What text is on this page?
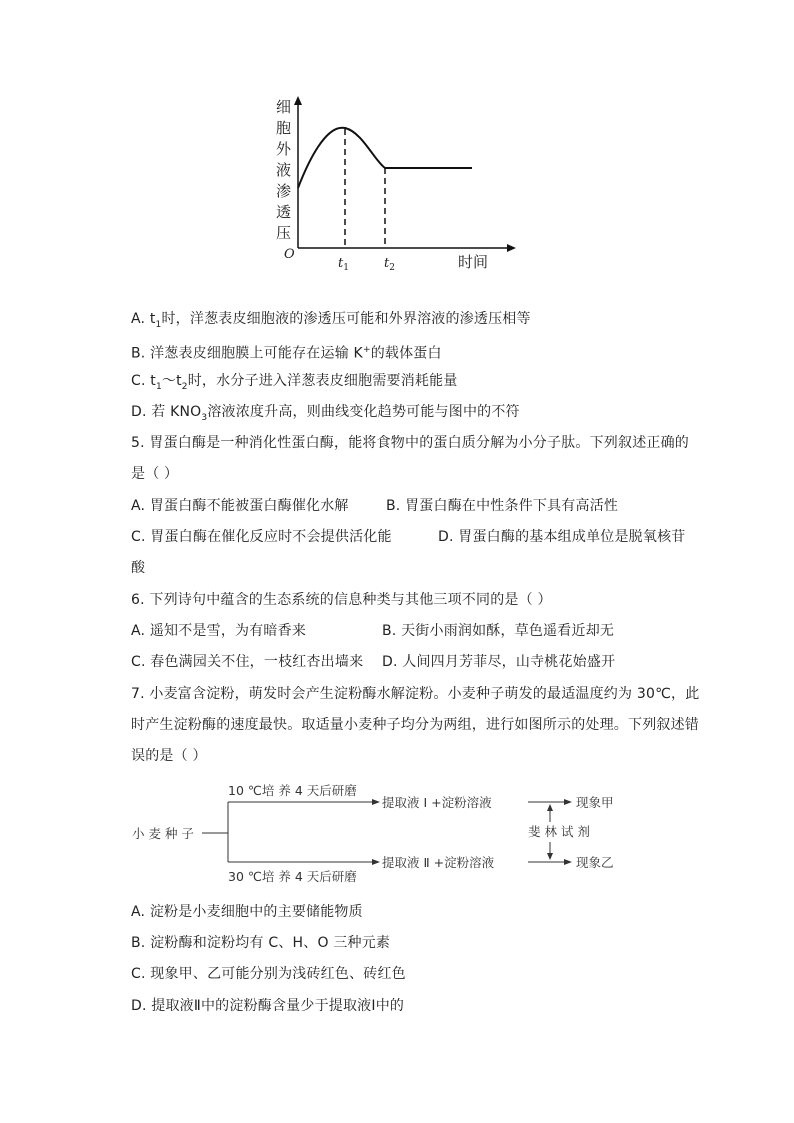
细
胞
外
液
渗
透
压
O
$t_1$	$t_2$	时间
A. $t_1$时，洋葱表皮细胞液的渗透压可能和外界溶液的渗透压相等
B. 洋葱表皮细胞膜上可能存在运输 K+的载体蛋白
C. $t_1\sim t_2$时，水分子进入洋葱表皮细胞需要消耗能量
D. 若 $KNO_3$溶液浓度升高，则曲线变化趋势可能与图中的不符
5. 胃蛋白酶是一种消化性蛋白酶，能将食物中的蛋白质分解为小分子肽。下列叙述正确的
是（ ）
A. 胃蛋白酶不能被蛋白酶催化水解	B. 胃蛋白酶在中性条件下具有高活性
C. 胃蛋白酶在催化反应时不会提供活化能	D. 胃蛋白酶的基本组成单位是脱氧核苷
酸
6. 下列诗句中蕴含的生态系统的信息种类与其他三项不同的是（ ）
A. 遥知不是雪，为有暗香来	B. 天街小雨润如酥，草色遥看近却无
C. 春色满园关不住，一枝红杏出墙来 D. 人间四月芳菲尽，山寺桃花始盛开
7. 小麦富含淀粉，萌发时会产生淀粉酶水解淀粉。小麦种子萌发的最适温度约为 30℃，此
时产生淀粉酶的速度最快。取适量小麦种子均分为两组，进行如图所示的处理。下列叙述错
误的是（ ）
小 麦 种 子
10 ℃培 养 4 天后研磨
30 ℃培 养 4 天后研磨
提取液 Ⅰ +淀粉溶液
提取液 Ⅱ +淀粉溶液
斐 林 试 剂
现象甲
现象乙
A. 淀粉是小麦细胞中的主要储能物质
B. 淀粉酶和淀粉均有 C、H、O 三种元素
C. 现象甲、乙可能分别为浅砖红色、砖红色
D. 提取液Ⅱ中的淀粉酶含量少于提取液Ⅰ中的
